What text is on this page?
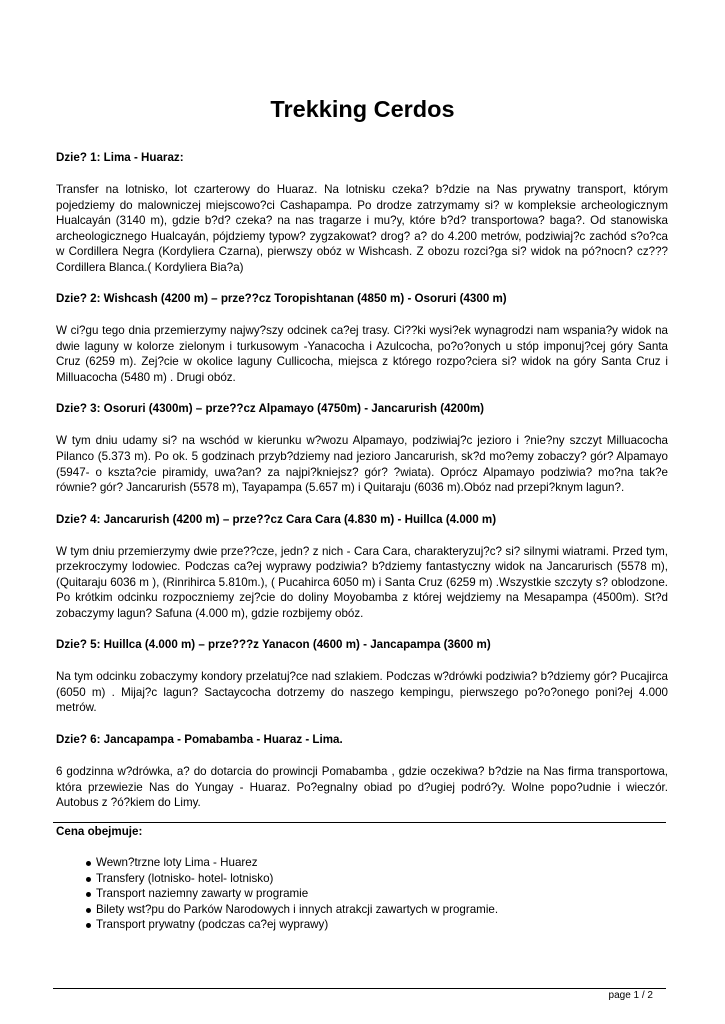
Trekking Cerdos

Dzie? 1: Lima - Huaraz:

Transfer na lotnisko, lot czarterowy do Huaraz. Na lotnisku czeka? b?dzie na Nas prywatny transport, którym pojedziemy do malowniczej miejscowo?ci Cashapampa. Po drodze zatrzymamy si? w kompleksie archeologicznym Hualcayán (3140 m), gdzie b?d? czeka? na nas tragarze i mu?y, które b?d? transportowa? baga?. Od stanowiska archeologicznego Hualcayán, pójdziemy typow? zygzakowat? drog? a? do 4.200 metrów, podziwiaj?c zachód s?o?ca w Cordillera Negra (Kordyliera Czarna), pierwszy obóz w Wishcash. Z obozu rozci?ga si? widok na pó?nocn? cz??? Cordillera Blanca.( Kordyliera Bia?a)

Dzie? 2: Wishcash (4200 m) – prze??cz Toropishtanan (4850 m) - Osoruri (4300 m)

W ci?gu tego dnia przemierzymy najwy?szy odcinek ca?ej trasy. Ci??ki wysi?ek wynagrodzi nam wspania?y widok na dwie laguny w kolorze zielonym i turkusowym -Yanacocha i Azulcocha, po?o?onych u stóp imponuj?cej góry Santa Cruz (6259 m). Zej?cie w okolice laguny Cullicocha, miejsca z którego rozpo?ciera si? widok na góry Santa Cruz i Milluacocha (5480 m) . Drugi obóz.

Dzie? 3: Osoruri (4300m) – prze??cz Alpamayo (4750m) - Jancarurish (4200m)

W tym dniu udamy si? na wschód w kierunku w?wozu Alpamayo, podziwiaj?c jezioro i ?nie?ny szczyt Milluacocha Pilanco (5.373 m). Po ok. 5 godzinach przyb?dziemy nad jezioro Jancarurish, sk?d mo?emy zobaczy? gór? Alpamayo (5947- o kszta?cie piramidy, uwa?an? za najpi?kniejsz? gór? ?wiata). Oprócz Alpamayo podziwia? mo?na tak?e równie? gór? Jancarurish (5578 m), Tayapampa (5.657 m) i Quitaraju (6036 m).Obóz nad przepi?knym lagun?.

Dzie? 4: Jancarurish (4200 m) – prze??cz Cara Cara (4.830 m) - Huillca (4.000 m)

W tym dniu przemierzymy dwie prze??cze, jedn? z nich - Cara Cara, charakteryzuj?c? si? silnymi wiatrami. Przed tym, przekroczymy lodowiec. Podczas ca?ej wyprawy podziwia? b?dziemy fantastyczny widok na Jancarurisch (5578 m), (Quitaraju 6036 m ), (Rinrihirca 5.810m.), ( Pucahirca 6050 m) i Santa Cruz (6259 m) .Wszystkie szczyty s? oblodzone. Po krótkim odcinku rozpoczniemy zej?cie do doliny Moyobamba z której wejdziemy na Mesapampa (4500m). St?d zobaczymy lagun? Safuna (4.000 m), gdzie rozbijemy obóz.

Dzie? 5: Huillca (4.000 m) – prze???z Yanacon (4600 m) - Jancapampa (3600 m)

Na tym odcinku zobaczymy kondory przelatuj?ce nad szlakiem. Podczas w?drówki podziwia? b?dziemy gór? Pucajirca (6050 m) . Mijaj?c lagun? Sactaycocha dotrzemy do naszego kempingu, pierwszego po?o?onego poni?ej 4.000 metrów.

Dzie? 6: Jancapampa - Pomabamba - Huaraz - Lima.

6 godzinna w?drówka, a? do dotarcia do prowincji Pomabamba , gdzie oczekiwa? b?dzie na Nas firma transportowa, która przewiezie Nas do Yungay - Huaraz. Po?egnalny obiad po d?ugiej podró?y. Wolne popo?udnie i wieczór. Autobus z ?ó?kiem do Limy.

Cena obejmuje:

Wewn?trzne loty Lima - Huarez
Transfery (lotnisko- hotel- lotnisko)
Transport naziemny zawarty w programie
Bilety wst?pu do Parków Narodowych i innych atrakcji zawartych w programie.
Transport prywatny (podczas ca?ej wyprawy)

page 1 / 2
